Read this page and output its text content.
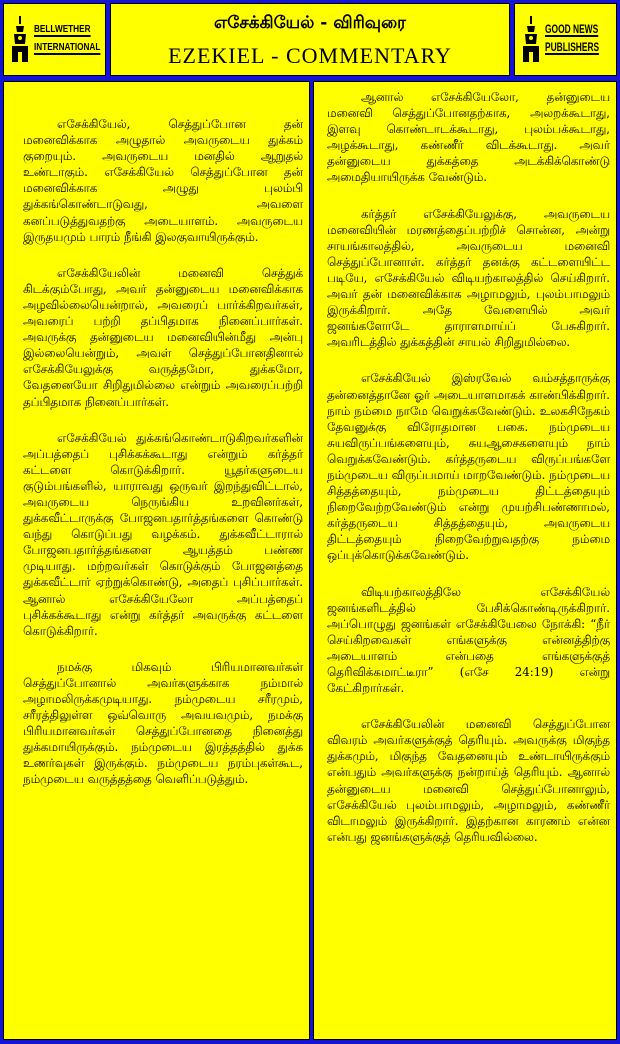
BELLWETHER
INTERNATIONAL
எசேக்கியேல் - விரிவுரை
EZEKIEL - COMMENTARY
GOOD NEWS
PUBLISHERS

எசேக்கியேல், செத்துப்போன தன் மனைவிக்காக அழுதால் அவருடைய துக்கம் குறையும். அவருடைய மனதில் ஆறுதல் உண்டாகும். எசேக்கியேல் செத்துப்போன தன் மனைவிக்காக அழுது புலம்பி துக்கங்கொண்டாடுவது, அவளை கனப்படுத்துவதற்கு அடையாளம். அவருடைய இருதயமும் பாரம் நீங்கி இலகுவாயிருக்கும்.

எசேக்கியேலின் மனைவி செத்துக் கிடக்கும்போது, அவர் தன்னுடைய மனைவிக்காக அழவில்லையென்றால், அவரைப் பார்க்கிறவர்கள், அவரைப் பற்றி தப்பிதமாக நினைப்பார்கள். அவருக்கு தன்னுடைய மனைவியின்மீது அன்பு இல்லையென்றும், அவள் செத்துப்போனதினால் எசேக்கியேலுக்கு வருத்தமோ, துக்கமோ, வேதனையோ சிறிதுமில்லை என்றும் அவரைப்பற்றி தப்பிதமாக நினைப்பார்கள்.

எசேக்கியேல் துக்கங்கொண்டாடுகிறவர்களின் அப்பத்தைப் புசிக்கக்கூடாது என்றும் கர்த்தர் கட்டளை கொடுக்கிறார். யூதர்களுடைய குடும்பங்களில், யாராவது ஒருவர் இறந்துவிட்டால், அவருடைய நெருங்கிய உறவினர்கள், துக்கவீட்டாருக்கு போஜனபதார்த்தங்களை கொண்டு வந்து கொடுப்பது வழக்கம். துக்கவீட்டாரால் போஜனபதார்த்தங்களை ஆயத்தம் பண்ண முடியாது. மற்றவர்கள் கொடுக்கும் போஜனத்தை துக்கவீட்டார் ஏற்றுக்கொண்டு, அதைப் புசிப்பார்கள். ஆனால் எசேக்கியேலோ அப்பத்தைப் புசிக்கக்கூடாது என்று கர்த்தர் அவருக்கு கட்டளை கொடுக்கிறார்.

நமக்கு மிகவும் பிரியமானவர்கள் செத்துப்போனால் அவர்களுக்காக நம்மால் அழாமலிருக்கமுடியாது. நம்முடைய சரீரமும், சரீரத்திலுள்ள ஒவ்வொரு அவயவமும், நமக்கு பிரியமானவர்கள் செத்துப்போனதை நினைத்து துக்கமாயிருக்கும். நம்முடைய இரத்தத்தில் துக்க உணர்வுகள் இருக்கும். நம்முடைய நரம்புகள்கூட, நம்முடைய வருத்தத்தை வெளிப்படுத்தும்.

ஆனால் எசேக்கியேலோ, தன்னுடைய மனைவி செத்துப்போனதற்காக, அலறக்கூடாது, இளவு கொண்டாடக்கூடாது, புலம்பக்கூடாது, அழக்கூடாது, கண்ணீர் விடக்கூடாது. அவர் தன்னுடைய துக்கத்தை அடக்கிக்கொண்டு அமைதியாயிருக்க வேண்டும்.

கர்த்தர் எசேக்கியேலுக்கு, அவருடைய மனைவியின் மரணத்தைப்பற்றிச் சொன்ன, அன்று சாயங்காலத்தில், அவருடைய மனைவி செத்துப்போனாள். கர்த்தர் தனக்கு கட்டளையிட்ட படியே, எசேக்கியேல் விடியற்காலத்தில் செய்கிறார். அவர் தன் மனைவிக்காக அழாமலும், புலம்பாமலும் இருக்கிறார். அதே வேளையில் அவர் ஜனங்களோடே தாராளமாய்ப் பேசுகிறார். அவரிடத்தில் துக்கத்தின் சாயல் சிறிதுமில்லை.

எசேக்கியேல் இஸ்ரவேல் வம்சத்தாருக்கு தன்னைத்தானே ஓர் அடையாளமாகக் காண்பிக்கிறார். நாம் நம்மை நாமே வெறுக்கவேண்டும். உலகசிநேகம் தேவனுக்கு விரோதமான பகை. நம்முடைய சுயவிருப்பங்களையும், சுயஆசைகளையும் நாம் வெறுக்கவேண்டும். கர்த்தருடைய விருப்பங்களே நம்முடைய விருப்பமாய் மாறவேண்டும். நம்முடைய சித்தத்தையும், நம்முடைய திட்டத்தையும் நிறைவேற்றவேண்டும் என்று முயற்சிபண்ணாமல், கர்த்தருடைய சித்தத்தையும், அவருடைய திட்டத்தையும் நிறைவேற்றுவதற்கு நம்மை ஒப்புக்கொடுக்கவேண்டும்.

விடியற்காலத்திலே எசேக்கியேல் ஜனங்களிடத்தில் பேசிக்கொண்டிருக்கிறார். அப்பொழுது ஜனங்கள் எசேக்கியேலை நோக்கி: “நீர் செய்கிறவைகள் எங்களுக்கு என்னத்திற்கு அடையாளம் என்பதை எங்களுக்குத் தெரிவிக்கமாட்டீரா” (எசே 24:19) என்று கேட்கிறார்கள்.

எசேக்கியேலின் மனைவி செத்துப்போன விவரம் அவர்களுக்குத் தெரியும். அவருக்கு மிகுந்த துக்கமும், மிகுந்த வேதனையும் உண்டாயிருக்கும் என்பதும் அவர்களுக்கு நன்றாய்த் தெரியும். ஆனால் தன்னுடைய மனைவி செத்துப்போனாலும், எசேக்கியேல் புலம்பாமலும், அழாமலும், கண்ணீர் விடாமலும் இருக்கிறார். இதற்கான காரணம் என்ன என்பது ஜனங்களுக்குத் தெரியவில்லை.
